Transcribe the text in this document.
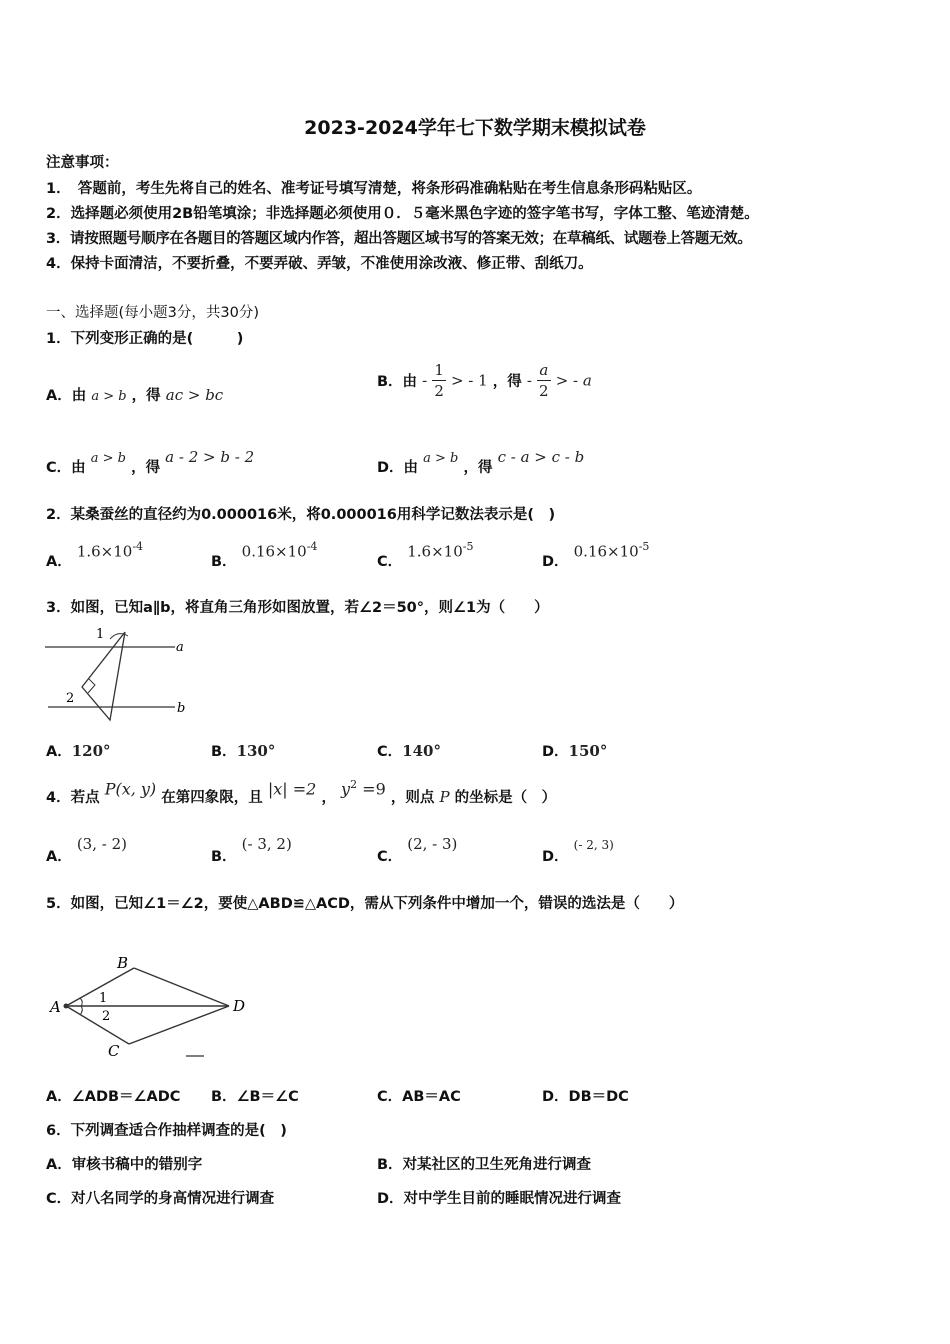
2023-2024学年七下数学期末模拟试卷
注意事项：
1．　答题前，考生先将自己的姓名、准考证号填写清楚，将条形码准确粘贴在考生信息条形码粘贴区。
2．选择题必须使用2B铅笔填涂；非选择题必须使用０．５毫米黑色字迹的签字笔书写，字体工整、笔迹清楚。
3．请按照题号顺序在各题目的答题区域内作答，超出答题区域书写的答案无效；在草稿纸、试题卷上答题无效。
4．保持卡面清洁，不要折叠，不要弄破、弄皱，不准使用涂改液、修正带、刮纸刀。
一、选择题(每小题3分，共30分)
1．下列变形正确的是(　　　)
A．由 a > b ，得 ac > bc
B．由 - $\frac{1}{2}$ > - 1 ，得 - $\frac{a}{2}$ > - a
C．由 $^{a > b}$ ，得 a - 2 > b - 2
D．由 $^{a > b}$ ，得 c - a > c - b
2．某桑蚕丝的直径约为0.000016米，将0.000016用科学记数法表示是(　)
A． $1.6\times 10^{-4}$
B． $0.16\times 10^{-4}$
C． $1.6\times 10^{-5}$
D． $0.16\times 10^{-5}$
3．如图，已知a∥b，将直角三角形如图放置，若∠2＝50°，则∠1为（　　）
1
2
a
b
A．120°	B．130°	C．140°	D．150°
4．若点 P(x, y) 在第四象限，且 |x| =2 ， $y^2 =9$ ，则点 P 的坐标是（　）
A． (3, - 2)
B． (- 3, 2)
C． (2, - 3)
D． (- 2, 3)
5．如图，已知∠1＝∠2，要使△ABD≌△ACD，需从下列条件中增加一个，错误的选法是（　　）
A
B
C
D
1
2
A．∠ADB＝∠ADC B．∠B＝∠C	C．AB＝AC	D．DB＝DC
6．下列调查适合作抽样调查的是(　)
A．审核书稿中的错别字	B．对某社区的卫生死角进行调查
C．对八名同学的身高情况进行调查	D．对中学生目前的睡眠情况进行调查
